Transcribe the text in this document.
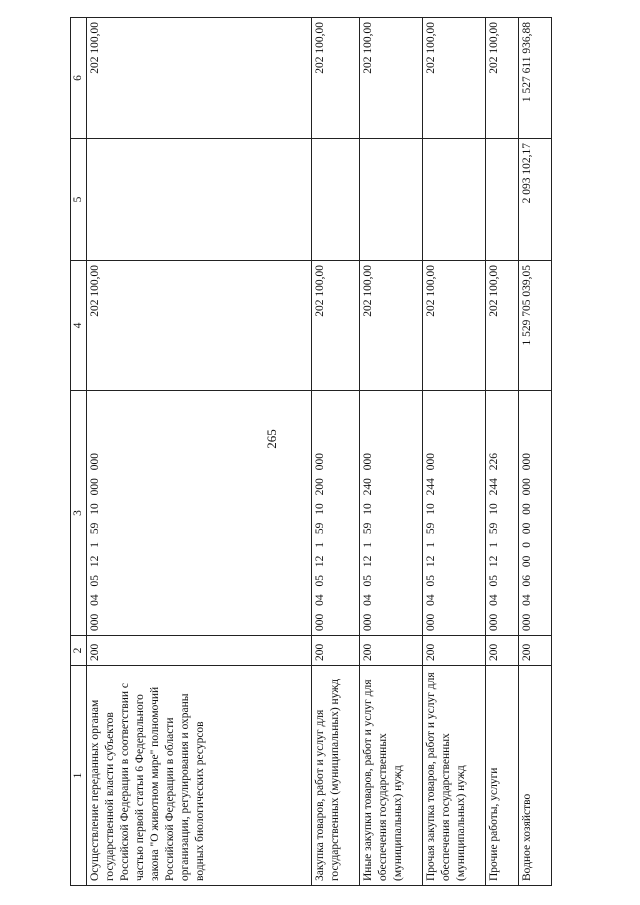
265
1	2	3	4	5	6
Осуществление переданных органам государственной власти субъектов Российской Федерации в соответствии с частью первой статьи 6 Федерального закона "О животном мире" полномочий Российской Федерации в области организации, регулирования и охраны водных биологических ресурсов	200	000 04 05 12 1 59 10 000 000	202 100,00		202 100,00
Закупка товаров, работ и услуг для государственных (муниципальных) нужд	200	000 04 05 12 1 59 10 200 000	202 100,00		202 100,00
Иные закупки товаров, работ и услуг для обеспечения государственных (муниципальных) нужд	200	000 04 05 12 1 59 10 240 000	202 100,00		202 100,00
Прочая закупка товаров, работ и услуг для обеспечения государственных (муниципальных) нужд	200	000 04 05 12 1 59 10 244 000	202 100,00		202 100,00
Прочие работы, услуги	200	000 04 05 12 1 59 10 244 226	202 100,00		202 100,00
Водное хозяйство	200	000 04 06 00 0 00 00 000 000	1 529 705 039,05	2 093 102,17	1 527 611 936,88
